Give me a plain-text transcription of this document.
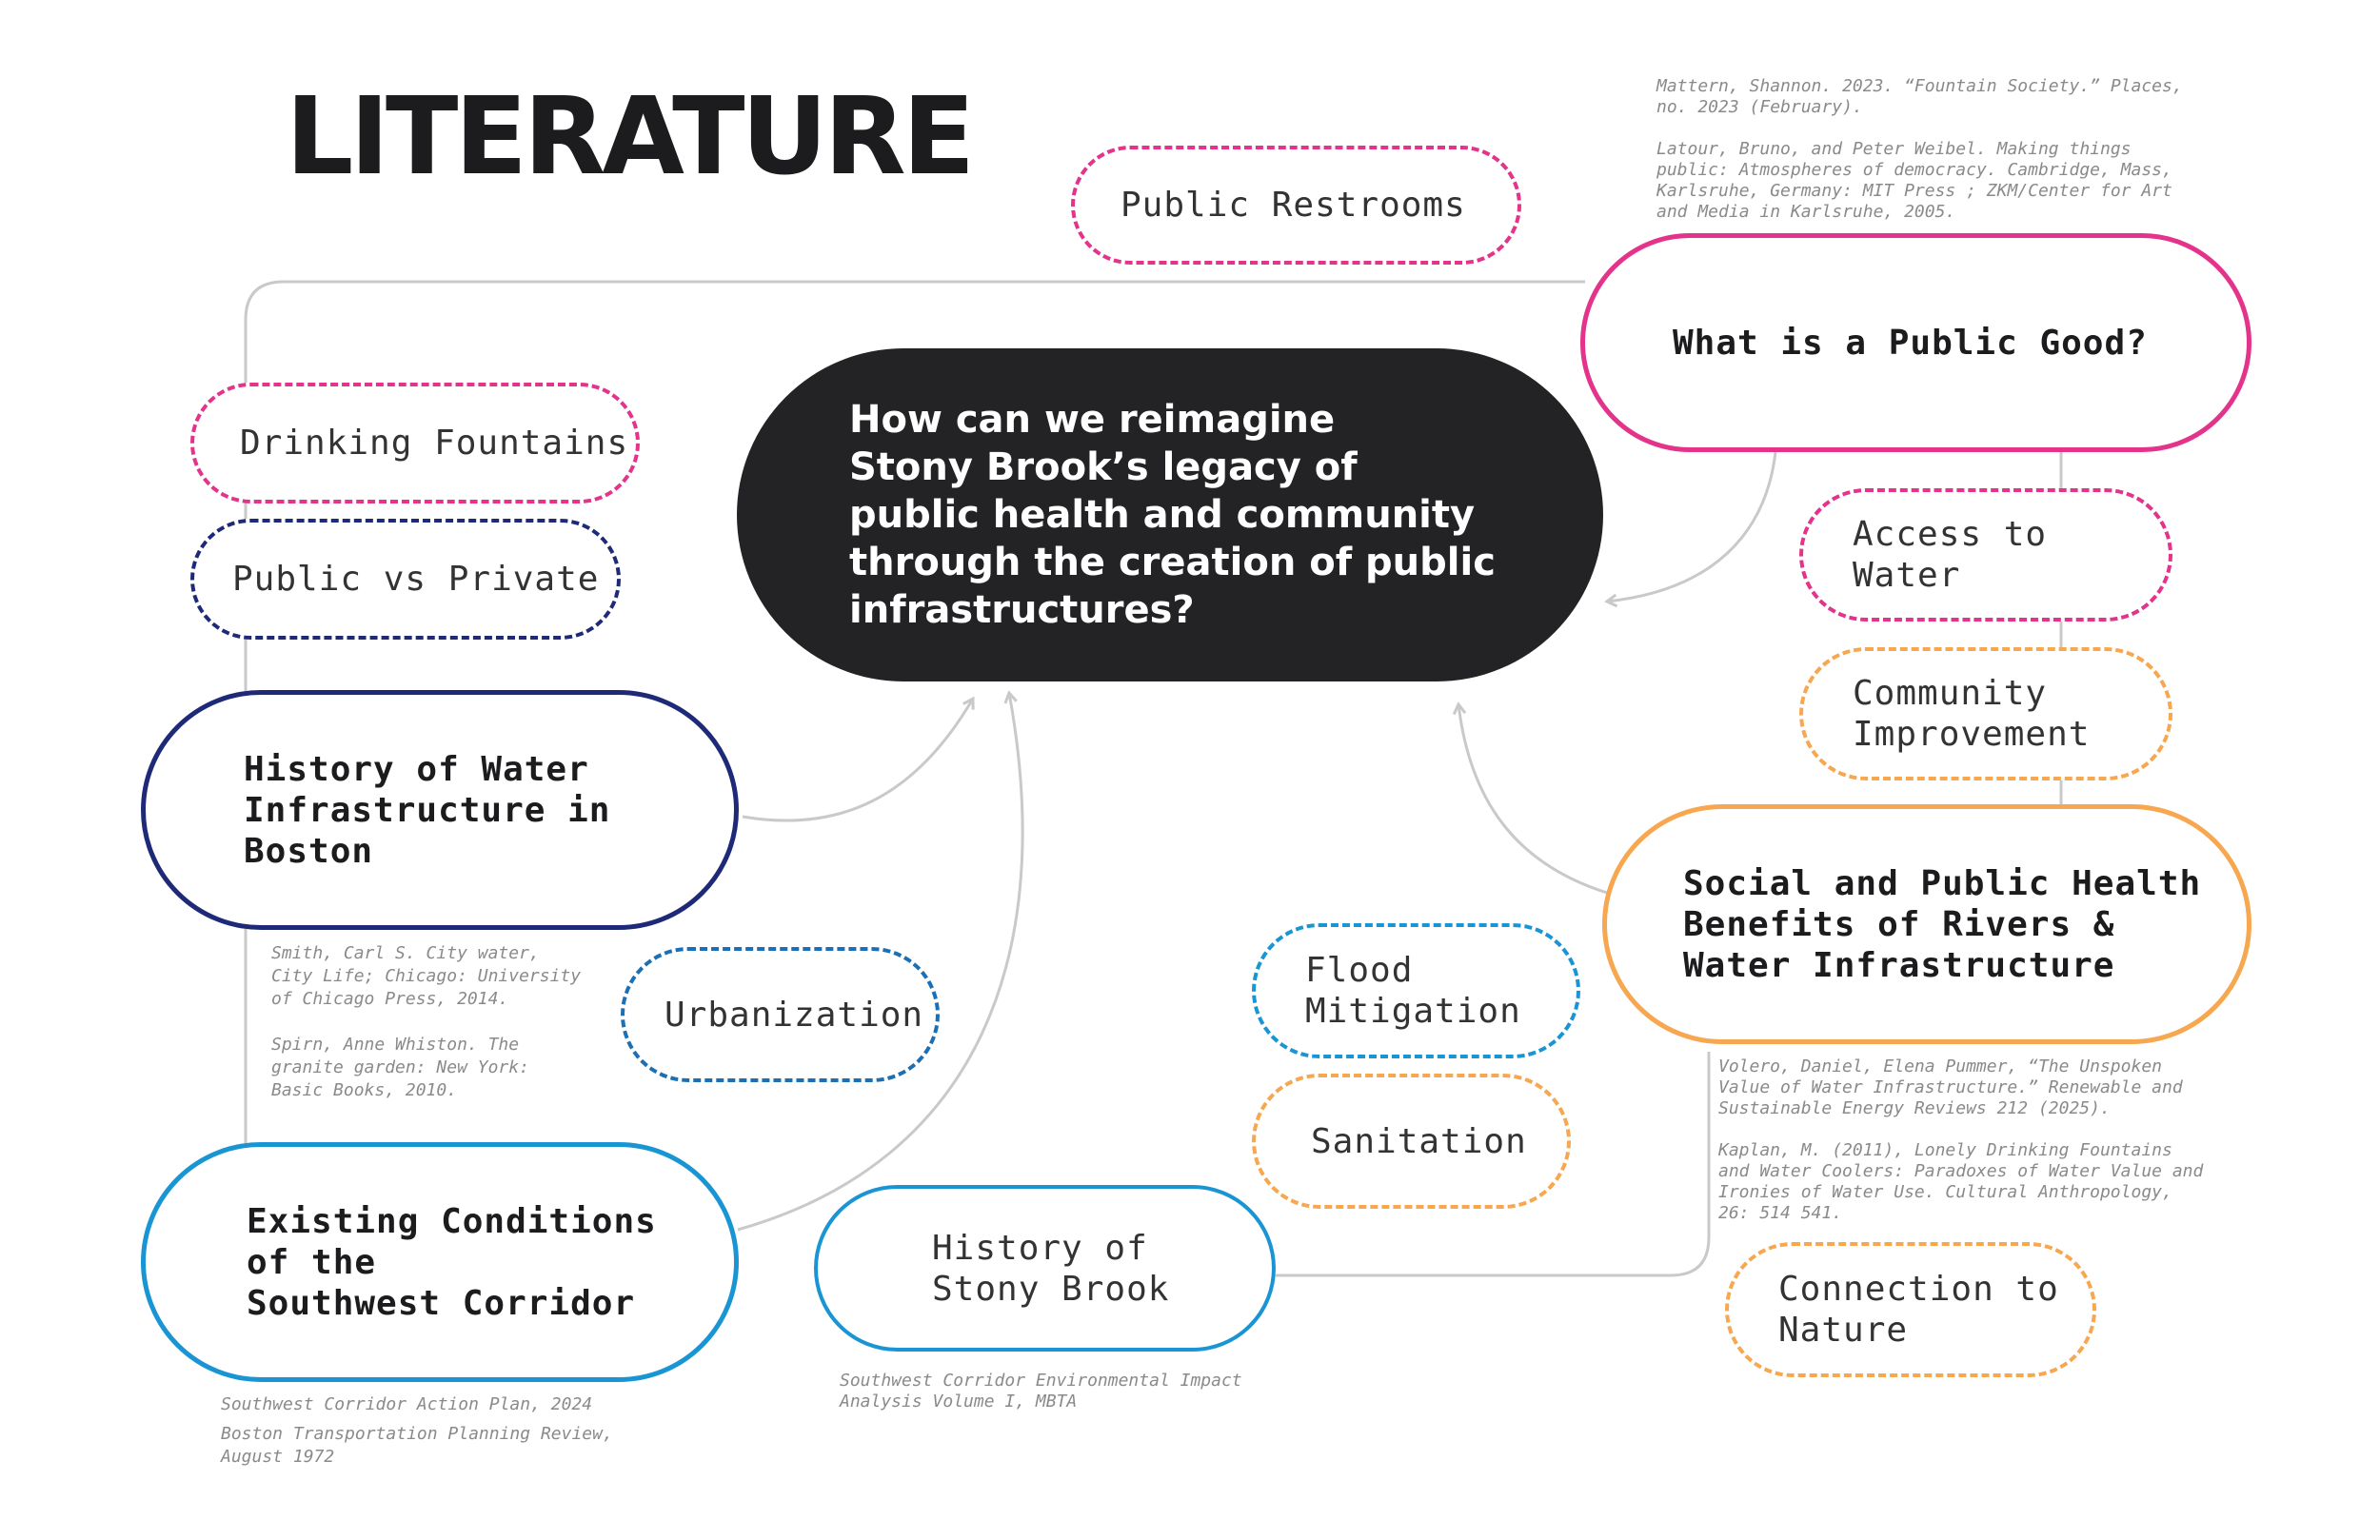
LITERATURE
How can we reimagine
Stony Brook’s legacy of
public health and community
through the creation of public
infrastructures?
What is a Public Good?
History of Water
Infrastructure in
Boston
Existing Conditions
of the
Southwest Corridor
History of
Stony Brook
Social and Public Health
Benefits of Rivers &
Water Infrastructure
Public Restrooms
Drinking Fountains
Public vs Private
Urbanization
Access to
Water
Community
Improvement
Flood
Mitigation
Sanitation
Connection to
Nature
Mattern, Shannon. 2023. “Fountain Society.” Places,
no. 2023 (February).

Latour, Bruno, and Peter Weibel. Making things
public: Atmospheres of democracy. Cambridge, Mass,
Karlsruhe, Germany: MIT Press ; ZKM/Center for Art
and Media in Karlsruhe, 2005.
Smith, Carl S. City water,
City Life; Chicago: University
of Chicago Press, 2014.

Spirn, Anne Whiston. The
granite garden: New York:
Basic Books, 2010.
Southwest Corridor Action Plan, 2024
Boston Transportation Planning Review,
August 1972
Southwest Corridor Environmental Impact
Analysis Volume I, MBTA
Volero, Daniel, Elena Pummer, “The Unspoken
Value of Water Infrastructure.” Renewable and
Sustainable Energy Reviews 212 (2025).

Kaplan, M. (2011), Lonely Drinking Fountains
and Water Coolers: Paradoxes of Water Value and
Ironies of Water Use. Cultural Anthropology,
26: 514 541.
